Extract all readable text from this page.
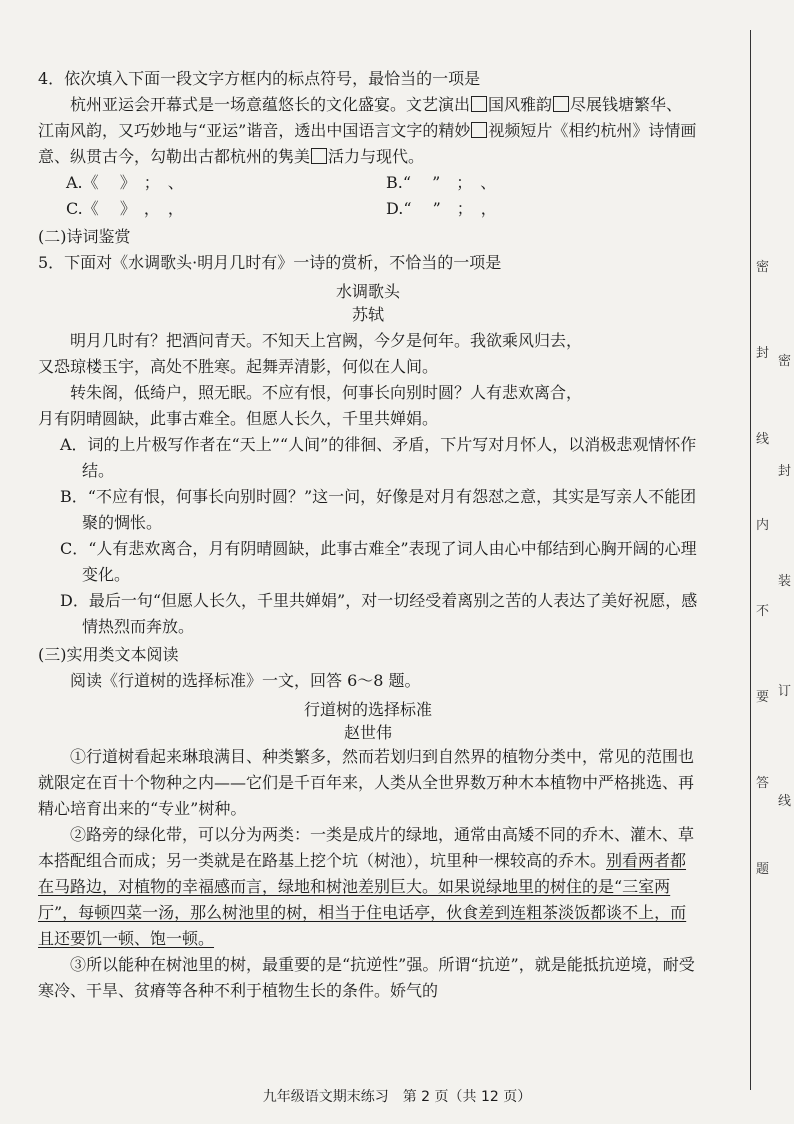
4．依次填入下面一段文字方框内的标点符号，最恰当的一项是

杭州亚运会开幕式是一场意蕴悠长的文化盛宴。文艺演出 国风雅韵 尽展钱塘繁华、江南风韵，又巧妙地与“亚运”谐音，透出中国语言文字的精妙 视频短片《相约杭州》诗情画意、纵贯古今，勾勒出古都杭州的隽美 活力与现代。

A.《　 》　；　、	B.“　 ”　；　、
C.《　 》　，　，	D.“　 ”　；　，

(二)诗词鉴赏

5．下面对《水调歌头·明月几时有》一诗的赏析，不恰当的一项是

水调歌头

苏轼

明月几时有？把酒问青天。不知天上宫阙，今夕是何年。我欲乘风归去，

又恐琼楼玉宇，高处不胜寒。起舞弄清影，何似在人间。

转朱阁，低绮户，照无眠。不应有恨，何事长向别时圆？人有悲欢离合，

月有阴晴圆缺，此事古难全。但愿人长久，千里共婵娟。

A．词的上片极写作者在“天上”“人间”的徘徊、矛盾，下片写对月怀人，以消极悲观情怀作结。

B．“不应有恨，何事长向别时圆？”这一问，好像是对月有怨怼之意，其实是写亲人不能团聚的惆怅。

C．“人有悲欢离合，月有阴晴圆缺，此事古难全”表现了词人由心中郁结到心胸开阔的心理变化。

D．最后一句“但愿人长久，千里共婵娟”，对一切经受着离别之苦的人表达了美好祝愿，感情热烈而奔放。

(三)实用类文本阅读

阅读《行道树的选择标准》一文，回答 6～8 题。

行道树的选择标准

赵世伟

①行道树看起来琳琅满目、种类繁多，然而若划归到自然界的植物分类中，常见的范围也就限定在百十个物种之内——它们是千百年来，人类从全世界数万种木本植物中严格挑选、再精心培育出来的“专业”树种。

②路旁的绿化带，可以分为两类：一类是成片的绿地，通常由高矮不同的乔木、灌木、草本搭配组合而成；另一类就是在路基上挖个坑（树池），坑里种一棵较高的乔木。别看两者都在马路边，对植物的幸福感而言，绿地和树池差别巨大。如果说绿地里的树住的是“三室两厅”，每顿四菜一汤，那么树池里的树，相当于住电话亭，伙食差到连粗茶淡饭都谈不上，而且还要饥一顿、饱一顿。

③所以能种在树池里的树，最重要的是“抗逆性”强。所谓“抗逆”，就是能抵抗逆境，耐受寒冷、干旱、贫瘠等各种不利于植物生长的条件。娇气的

九年级语文期末练习　第 2 页（共 12 页）
密
封
线
内
不
要
答
题
密
封
装
订
线
